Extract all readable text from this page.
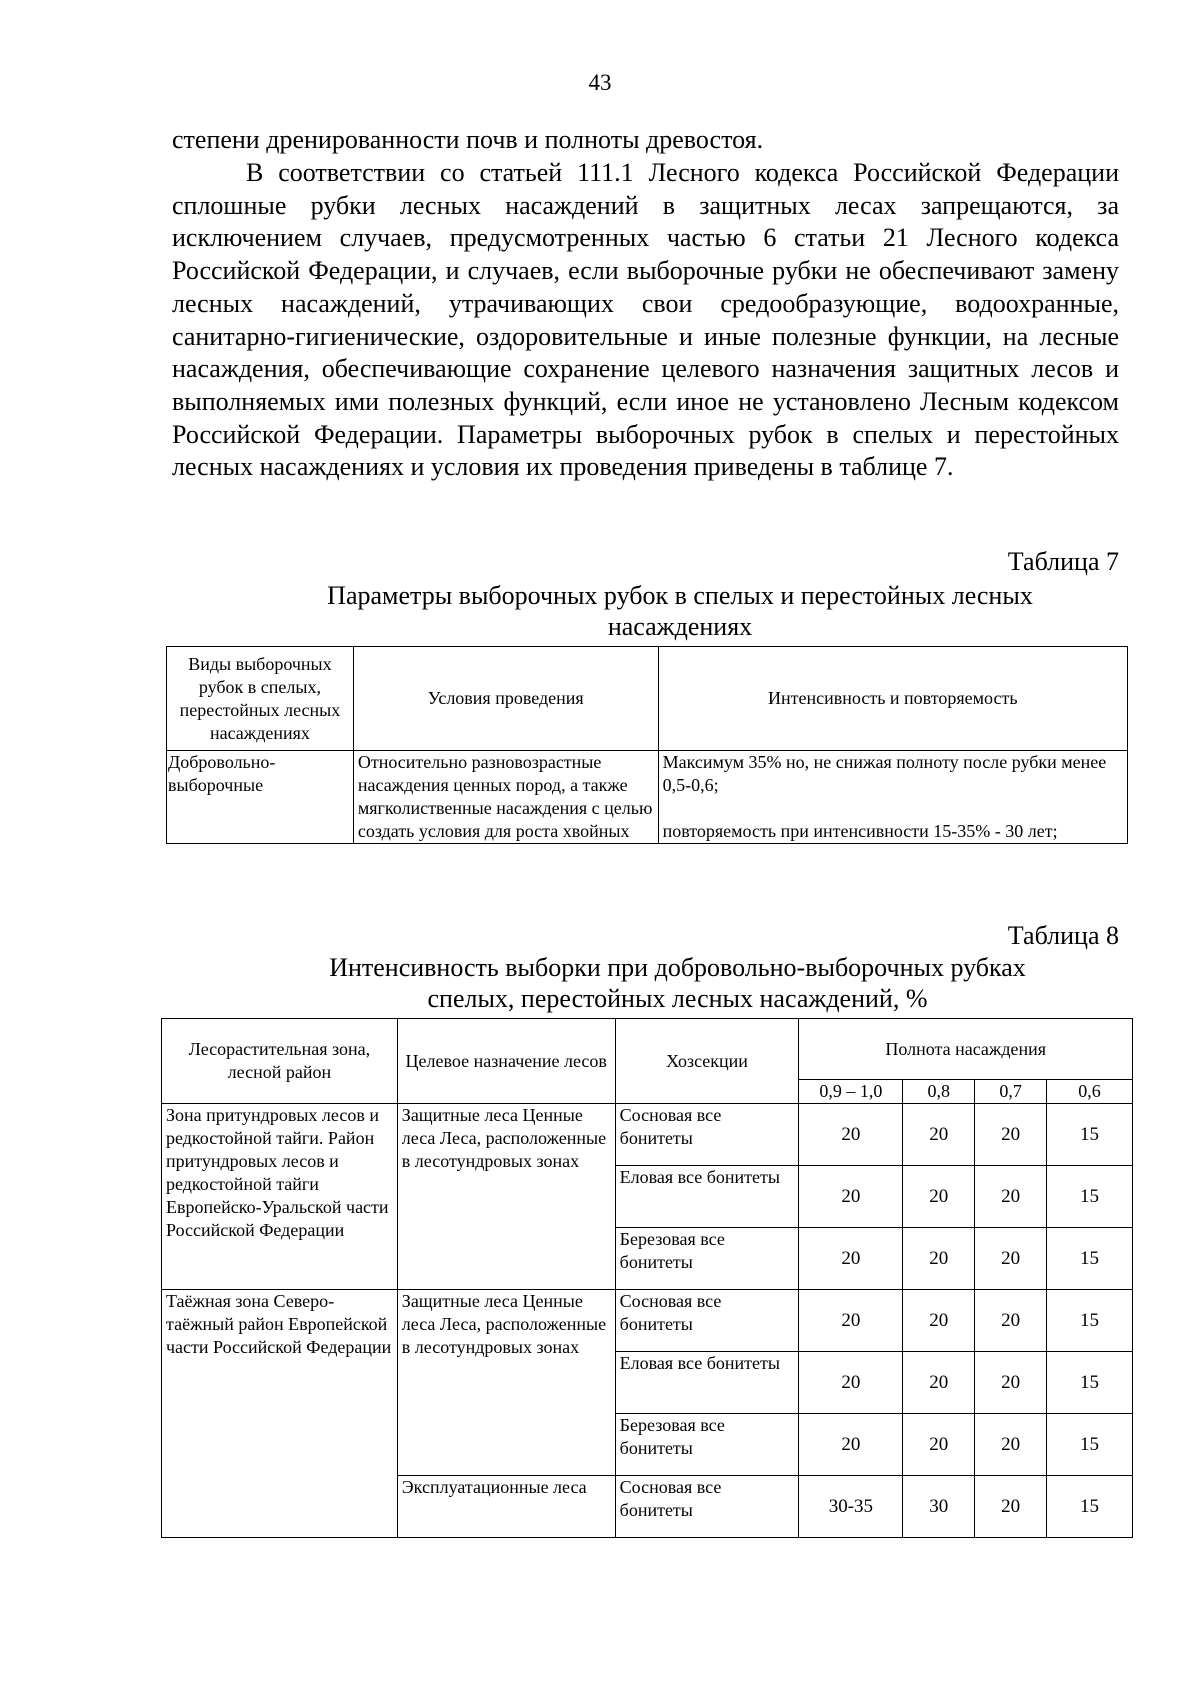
43
степени дренированности почв и полноты древостоя.
В соответствии со статьей 111.1 Лесного кодекса Российской Федерации сплошные рубки лесных насаждений в защитных лесах запрещаются, за исключением случаев, предусмотренных частью 6 статьи 21 Лесного кодекса Российской Федерации, и случаев, если выборочные рубки не обеспечивают замену лесных насаждений, утрачивающих свои средообразующие, водоохранные, санитарно-гигиенические, оздоровительные и иные полезные функции, на лесные насаждения, обеспечивающие сохранение целевого назначения защитных лесов и выполняемых ими полезных функций, если иное не установлено Лесным кодексом Российской Федерации. Параметры выборочных рубок в спелых и перестойных лесных насаждениях и условия их проведения приведены в таблице 7.
Таблица 7
Параметры выборочных рубок в спелых и перестойных лесных насаждениях
Виды выборочных рубок в спелых, перестойных лесных насаждениях	Условия проведения	Интенсивность и повторяемость
Добровольно-выборочные	Относительно разновозрастные насаждения ценных пород, а также мягколиственные насаждения с целью создать условия для роста хвойных	Максимум 35% но, не снижая полноту после рубки менее 0,5-0,6;
повторяемость при интенсивности 15-35% - 30 лет;
Таблица 8
Интенсивность выборки при добровольно-выборочных рубках спелых, перестойных лесных насаждений, %
Лесорастительная зона, лесной район	Целевое назначение лесов	Хозсекции	Полнота насаждения			
			0,9 – 1,0	0,8	0,7	0,6
Зона притундровых лесов и редкостойной тайги. Район притундровых лесов и редкостойной тайги Европейско-Уральской части Российской Федерации	Защитные леса Ценные леса Леса, расположенные в лесотундровых зонах	Сосновая все бонитеты	20	20	20	15
		Еловая все бонитеты	20	20	20	15
		Березовая все бонитеты	20	20	20	15
Таёжная зона Северо-таёжный район Европейской части Российской Федерации	Защитные леса Ценные леса Леса, расположенные в лесотундровых зонах	Сосновая все бонитеты	20	20	20	15
		Еловая все бонитеты	20	20	20	15
		Березовая все бонитеты	20	20	20	15
	Эксплуатационные леса	Сосновая все бонитеты	30-35	30	20	15
